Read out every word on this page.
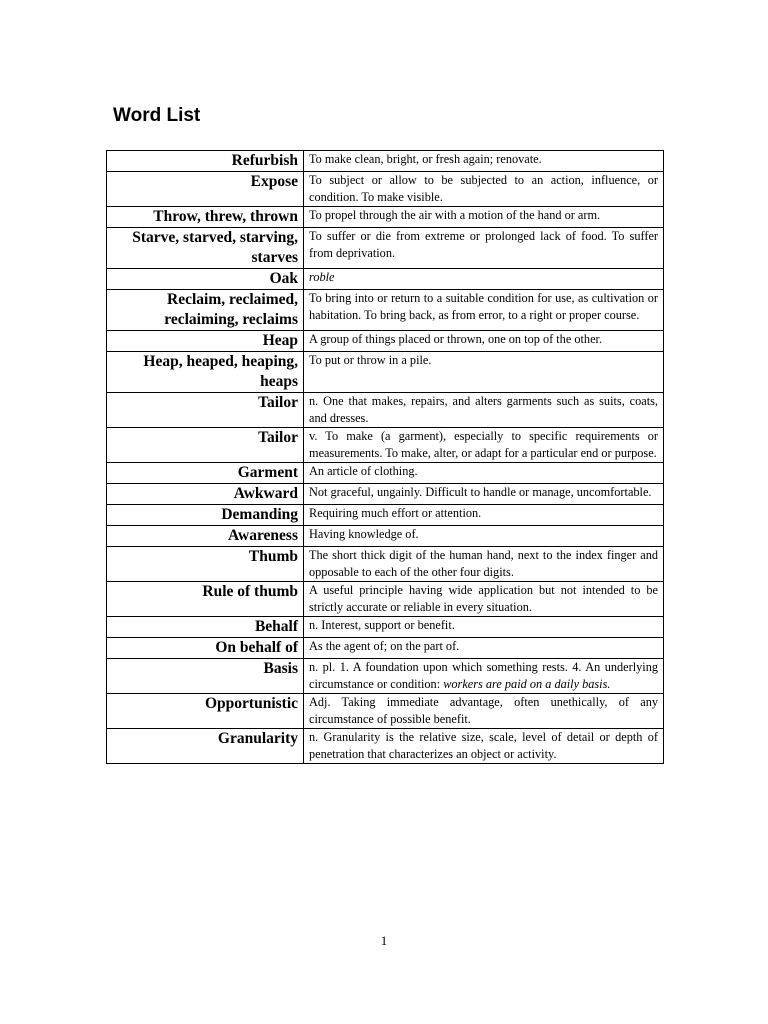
Word List
Refurbish	To make clean, bright, or fresh again; renovate.
Expose	To subject or allow to be subjected to an action, influence, or condition. To make visible.
Throw, threw, thrown	To propel through the air with a motion of the hand or arm.
Starve, starved, starving, starves	To suffer or die from extreme or prolonged lack of food. To suffer from deprivation.
Oak	roble
Reclaim, reclaimed, reclaiming, reclaims	To bring into or return to a suitable condition for use, as cultivation or habitation. To bring back, as from error, to a right or proper course.
Heap	A group of things placed or thrown, one on top of the other.
Heap, heaped, heaping, heaps	To put or throw in a pile.
Tailor	n. One that makes, repairs, and alters garments such as suits, coats, and dresses.
Tailor	v. To make (a garment), especially to specific requirements or measurements. To make, alter, or adapt for a particular end or purpose.
Garment	An article of clothing.
Awkward	Not graceful, ungainly. Difficult to handle or manage, uncomfortable.
Demanding	Requiring much effort or attention.
Awareness	Having knowledge of.
Thumb	The short thick digit of the human hand, next to the index finger and opposable to each of the other four digits.
Rule of thumb	A useful principle having wide application but not intended to be strictly accurate or reliable in every situation.
Behalf	n. Interest, support or benefit.
On behalf of	As the agent of; on the part of.
Basis	n. pl. 1. A foundation upon which something rests. 4. An underlying circumstance or condition: workers are paid on a daily basis.
Opportunistic	Adj. Taking immediate advantage, often unethically, of any circumstance of possible benefit.
Granularity	n. Granularity is the relative size, scale, level of detail or depth of penetration that characterizes an object or activity.
1
